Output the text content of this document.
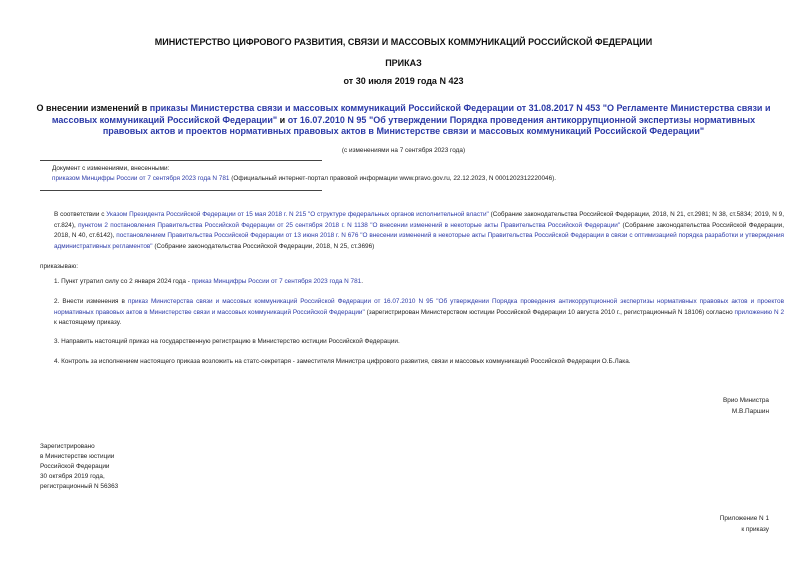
МИНИСТЕРСТВО ЦИФРОВОГО РАЗВИТИЯ, СВЯЗИ И МАССОВЫХ КОММУНИКАЦИЙ РОССИЙСКОЙ ФЕДЕРАЦИИ
ПРИКАЗ
от 30 июля 2019 года N 423
О внесении изменений в приказы Министерства связи и массовых коммуникаций Российской Федерации от 31.08.2017 N 453 "О Регламенте Министерства связи и массовых коммуникаций Российской Федерации" и от 16.07.2010 N 95 "Об утверждении Порядка проведения антикоррупционной экспертизы нормативных правовых актов и проектов нормативных правовых актов в Министерстве связи и массовых коммуникаций Российской Федерации"
(с изменениями на 7 сентября 2023 года)
Документ с изменениями, внесенными:
приказом Минцифры России от 7 сентября 2023 года N 781 (Официальный интернет-портал правовой информации www.pravo.gov.ru, 22.12.2023, N 0001202312220046).
В соответствии с Указом Президента Российской Федерации от 15 мая 2018 г. N 215 "О структуре федеральных органов исполнительной власти" (Собрание законодательства Российской Федерации, 2018, N 21, ст.2981; N 38, ст.5834; 2019, N 9, ст.824), пунктом 2 постановления Правительства Российской Федерации от 25 сентября 2018 г. N 1138 "О внесении изменений в некоторые акты Правительства Российской Федерации" (Собрание законодательства Российской Федерации, 2018, N 40, ст.6142), постановлением Правительства Российской Федерации от 13 июня 2018 г. N 676 "О внесении изменений в некоторые акты Правительства Российской Федерации в связи с оптимизацией порядка разработки и утверждения административных регламентов" (Собрание законодательства Российской Федерации, 2018, N 25, ст.3696)
приказываю:
1. Пункт утратил силу со 2 января 2024 года - приказ Минцифры России от 7 сентября 2023 года N 781.
2. Внести изменения в приказ Министерства связи и массовых коммуникаций Российской Федерации от 16.07.2010 N 95 "Об утверждении Порядка проведения антикоррупционной экспертизы нормативных правовых актов и проектов нормативных правовых актов в Министерстве связи и массовых коммуникаций Российской Федерации" (зарегистрирован Министерством юстиции Российской Федерации 10 августа 2010 г., регистрационный N 18106) согласно приложению N 2 к настоящему приказу.
3. Направить настоящий приказ на государственную регистрацию в Министерство юстиции Российской Федерации.
4. Контроль за исполнением настоящего приказа возложить на статс-секретаря - заместителя Министра цифрового развития, связи и массовых коммуникаций Российской Федерации О.Б.Лака.
Врио Министра
М.В.Паршин
Зарегистрировано
в Министерстве юстиции
Российской Федерации
30 октября 2019 года,
регистрационный N 56363
Приложение N 1
к приказу
